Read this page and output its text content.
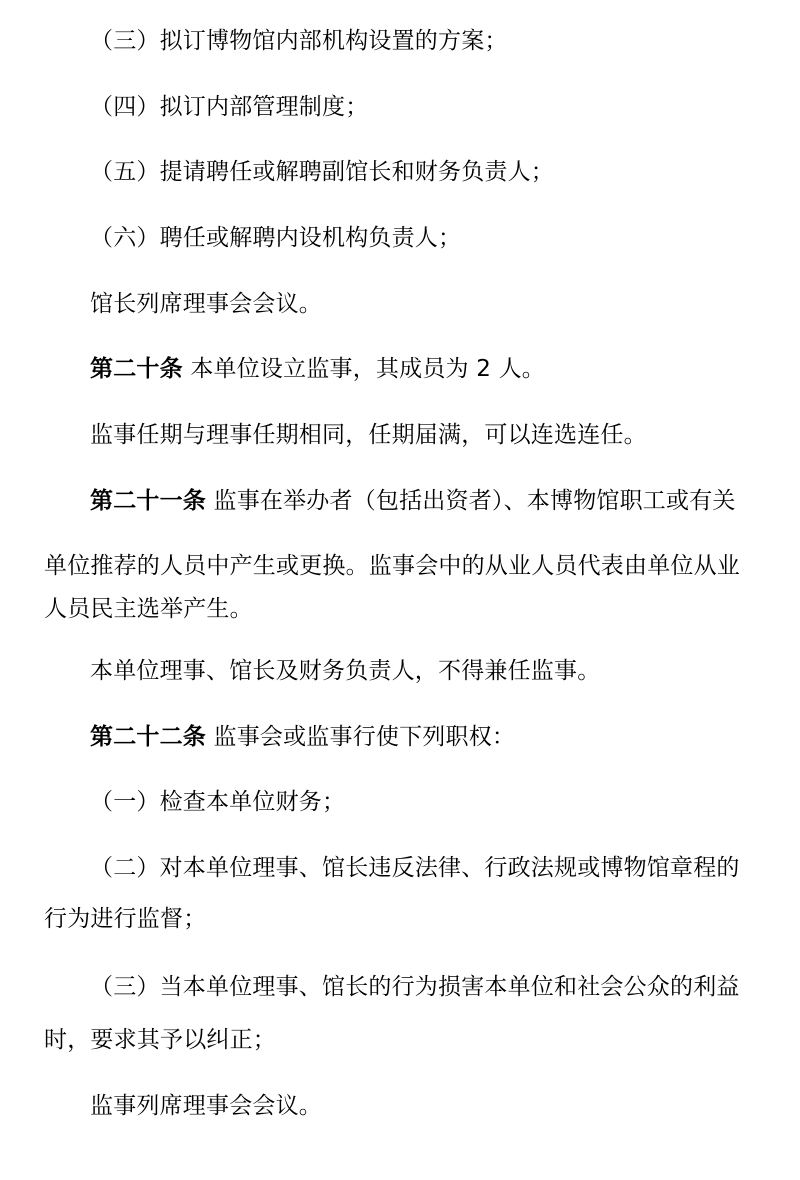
（三）拟订博物馆内部机构设置的方案；
（四）拟订内部管理制度；
（五）提请聘任或解聘副馆长和财务负责人；
（六）聘任或解聘内设机构负责人；
馆长列席理事会会议。
第二十条 本单位设立监事，其成员为 2 人。
监事任期与理事任期相同，任期届满，可以连选连任。
第二十一条 监事在举办者（包括出资者）、本博物馆职工或有关
单位推荐的人员中产生或更换。监事会中的从业人员代表由单位从业
人员民主选举产生。
本单位理事、馆长及财务负责人，不得兼任监事。
第二十二条 监事会或监事行使下列职权：
（一）检查本单位财务；
（二）对本单位理事、馆长违反法律、行政法规或博物馆章程的
行为进行监督；
（三）当本单位理事、馆长的行为损害本单位和社会公众的利益
时，要求其予以纠正；
监事列席理事会会议。
